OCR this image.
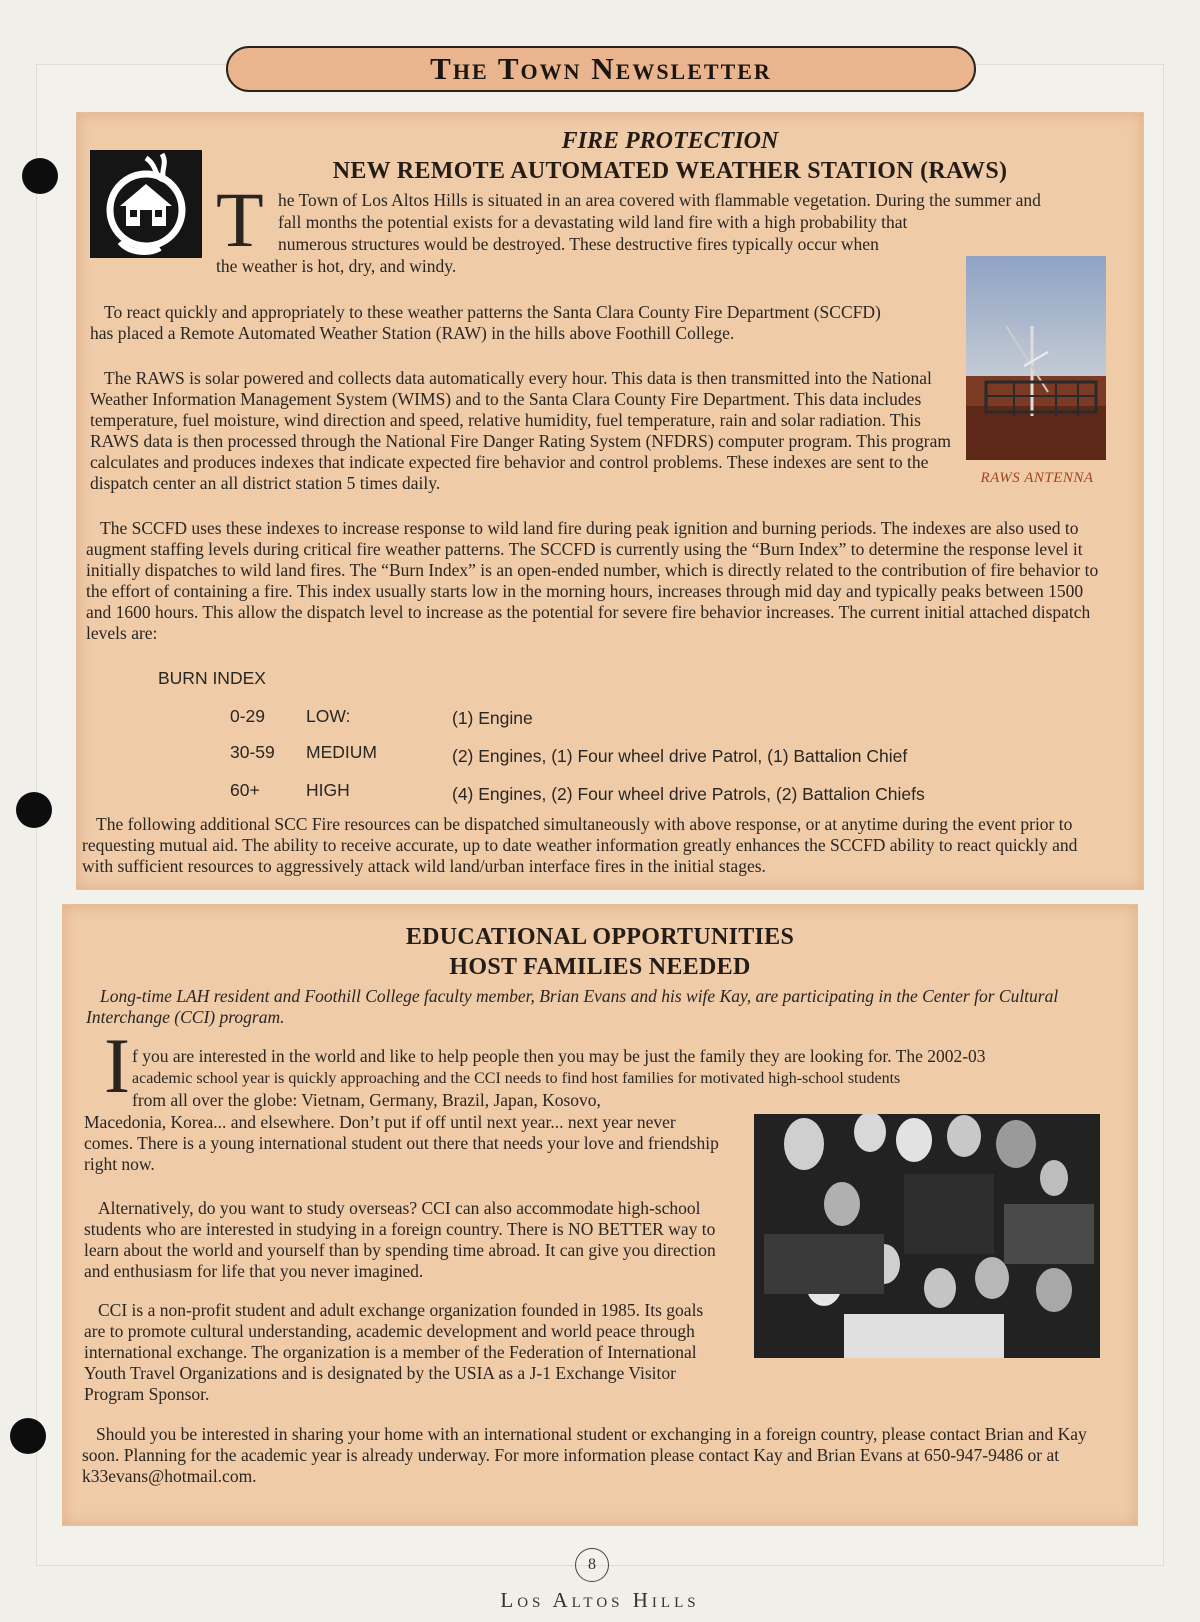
The Town Newsletter
FIRE PROTECTION
NEW REMOTE AUTOMATED WEATHER STATION (RAWS)
T he Town of Los Altos Hills is situated in an area covered with flammable vegetation. During the summer and
fall months the potential exists for a devastating wild land fire with a high probability that
numerous structures would be destroyed. These destructive fires typically occur when
the weather is hot, dry, and windy.
To react quickly and appropriately to these weather patterns the Santa Clara County Fire Department (SCCFD) has placed a Remote Automated Weather Station (RAW) in the hills above Foothill College.
The RAWS is solar powered and collects data automatically every hour. This data is then transmitted into the National Weather Information Management System (WIMS) and to the Santa Clara County Fire Department. This data includes temperature, fuel moisture, wind direction and speed, relative humidity, fuel temperature, rain and solar radiation. This RAWS data is then processed through the National Fire Danger Rating System (NFDRS) computer program. This program calculates and produces indexes that indicate expected fire behavior and control problems. These indexes are sent to the dispatch center an all district station 5 times daily.	RAWS ANTENNA
The SCCFD uses these indexes to increase response to wild land fire during peak ignition and burning periods. The indexes are also used to augment staffing levels during critical fire weather patterns. The SCCFD is currently using the “Burn Index” to determine the response level it initially dispatches to wild land fires. The “Burn Index” is an open-ended number, which is directly related to the contribution of fire behavior to the effort of containing a fire. This index usually starts low in the morning hours, increases through mid day and typically peaks between 1500 and 1600 hours. This allow the dispatch level to increase as the potential for severe fire behavior increases. The current initial attached dispatch levels are:
BURN INDEX
0-29 LOW:	(1) Engine
30-59 MEDIUM	(2) Engines, (1) Four wheel drive Patrol, (1) Battalion Chief
60+	HIGH	(4) Engines, (2) Four wheel drive Patrols, (2) Battalion Chiefs
The following additional SCC Fire resources can be dispatched simultaneously with above response, or at anytime during the event prior to requesting mutual aid. The ability to receive accurate, up to date weather information greatly enhances the SCCFD ability to react quickly and with sufficient resources to aggressively attack wild land/urban interface fires in the initial stages.
EDUCATIONAL OPPORTUNITIES
HOST FAMILIES NEEDED
Long-time LAH resident and Foothill College faculty member, Brian Evans and his wife Kay, are participating in the Center for Cultural Interchange (CCI) program.
I f you are interested in the world and like to help people then you may be just the family they are looking for. The 2002-03
academic school year is quickly approaching and the CCI needs to find host families for motivated high-school students
from all over the globe: Vietnam, Germany, Brazil, Japan, Kosovo,
Macedonia, Korea... and elsewhere. Don’t put if off until next year... next year never comes. There is a young international student out there that needs your love and friendship right now.
Alternatively, do you want to study overseas? CCI can also accommodate high-school students who are interested in studying in a foreign country. There is NO BETTER way to learn about the world and yourself than by spending time abroad. It can give you direction and enthusiasm for life that you never imagined.
CCI is a non-profit student and adult exchange organization founded in 1985. Its goals are to promote cultural understanding, academic development and world peace through international exchange. The organization is a member of the Federation of International Youth Travel Organizations and is designated by the USIA as a J-1 Exchange Visitor Program Sponsor.
Should you be interested in sharing your home with an international student or exchanging in a foreign country, please contact Brian and Kay soon. Planning for the academic year is already underway. For more information please contact Kay and Brian Evans at 650-947-9486 or at k33evans@hotmail.com.
8
Los Altos Hills
